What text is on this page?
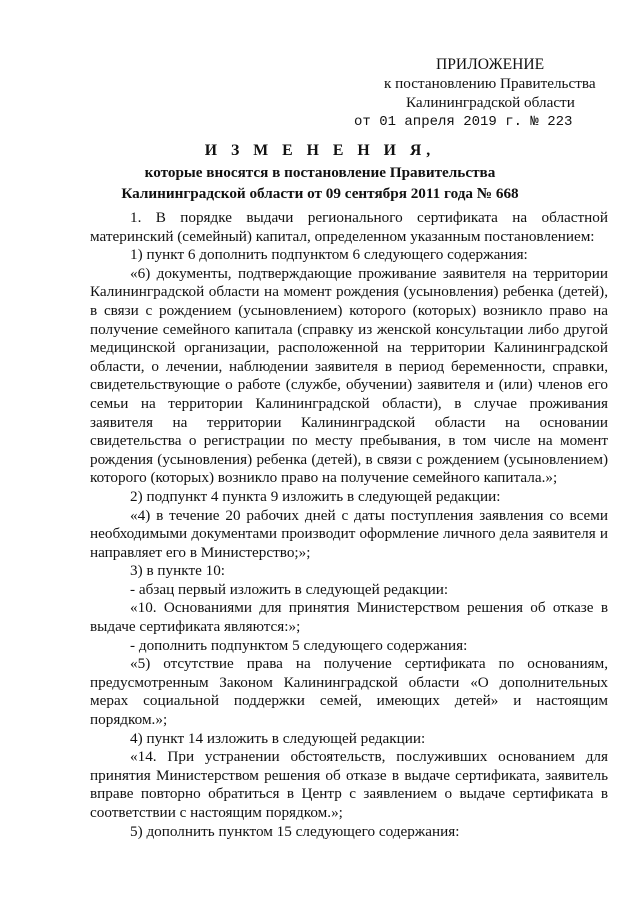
ПРИЛОЖЕНИЕ
к постановлению Правительства
Калининградской области
от 01 апреля 2019 г. № 223
И З М Е Н Е Н И Я,
которые вносятся в постановление Правительства
Калининградской области от 09 сентября 2011 года № 668

1. В порядке выдачи регионального сертификата на областной материнский (семейный) капитал, определенном указанным постановлением:

1) пункт 6 дополнить подпунктом 6 следующего содержания:

«6) документы, подтверждающие проживание заявителя на территории Калининградской области на момент рождения (усыновления) ребенка (детей), в связи с рождением (усыновлением) которого (которых) возникло право на получение семейного капитала (справку из женской консультации либо другой медицинской организации, расположенной на территории Калининградской области, о лечении, наблюдении заявителя в период беременности, справки, свидетельствующие о работе (службе, обучении) заявителя и (или) членов его семьи на территории Калининградской области), в случае проживания заявителя на территории Калининградской области на основании свидетельства о регистрации по месту пребывания, в том числе на момент рождения (усыновления) ребенка (детей), в связи с рождением (усыновлением) которого (которых) возникло право на получение семейного капитала.»;

2) подпункт 4 пункта 9 изложить в следующей редакции:

«4) в течение 20 рабочих дней с даты поступления заявления со всеми необходимыми документами производит оформление личного дела заявителя и направляет его в Министерство;»;

3) в пункте 10:

- абзац первый изложить в следующей редакции:

«10. Основаниями для принятия Министерством решения об отказе в выдаче сертификата являются:»;

- дополнить подпунктом 5 следующего содержания:

«5) отсутствие права на получение сертификата по основаниям, предусмотренным Законом Калининградской области «О дополнительных мерах социальной поддержки семей, имеющих детей» и настоящим порядком.»;

4) пункт 14 изложить в следующей редакции:

«14. При устранении обстоятельств, послуживших основанием для принятия Министерством решения об отказе в выдаче сертификата, заявитель вправе повторно обратиться в Центр с заявлением о выдаче сертификата в соответствии с настоящим порядком.»;

5) дополнить пунктом 15 следующего содержания:
